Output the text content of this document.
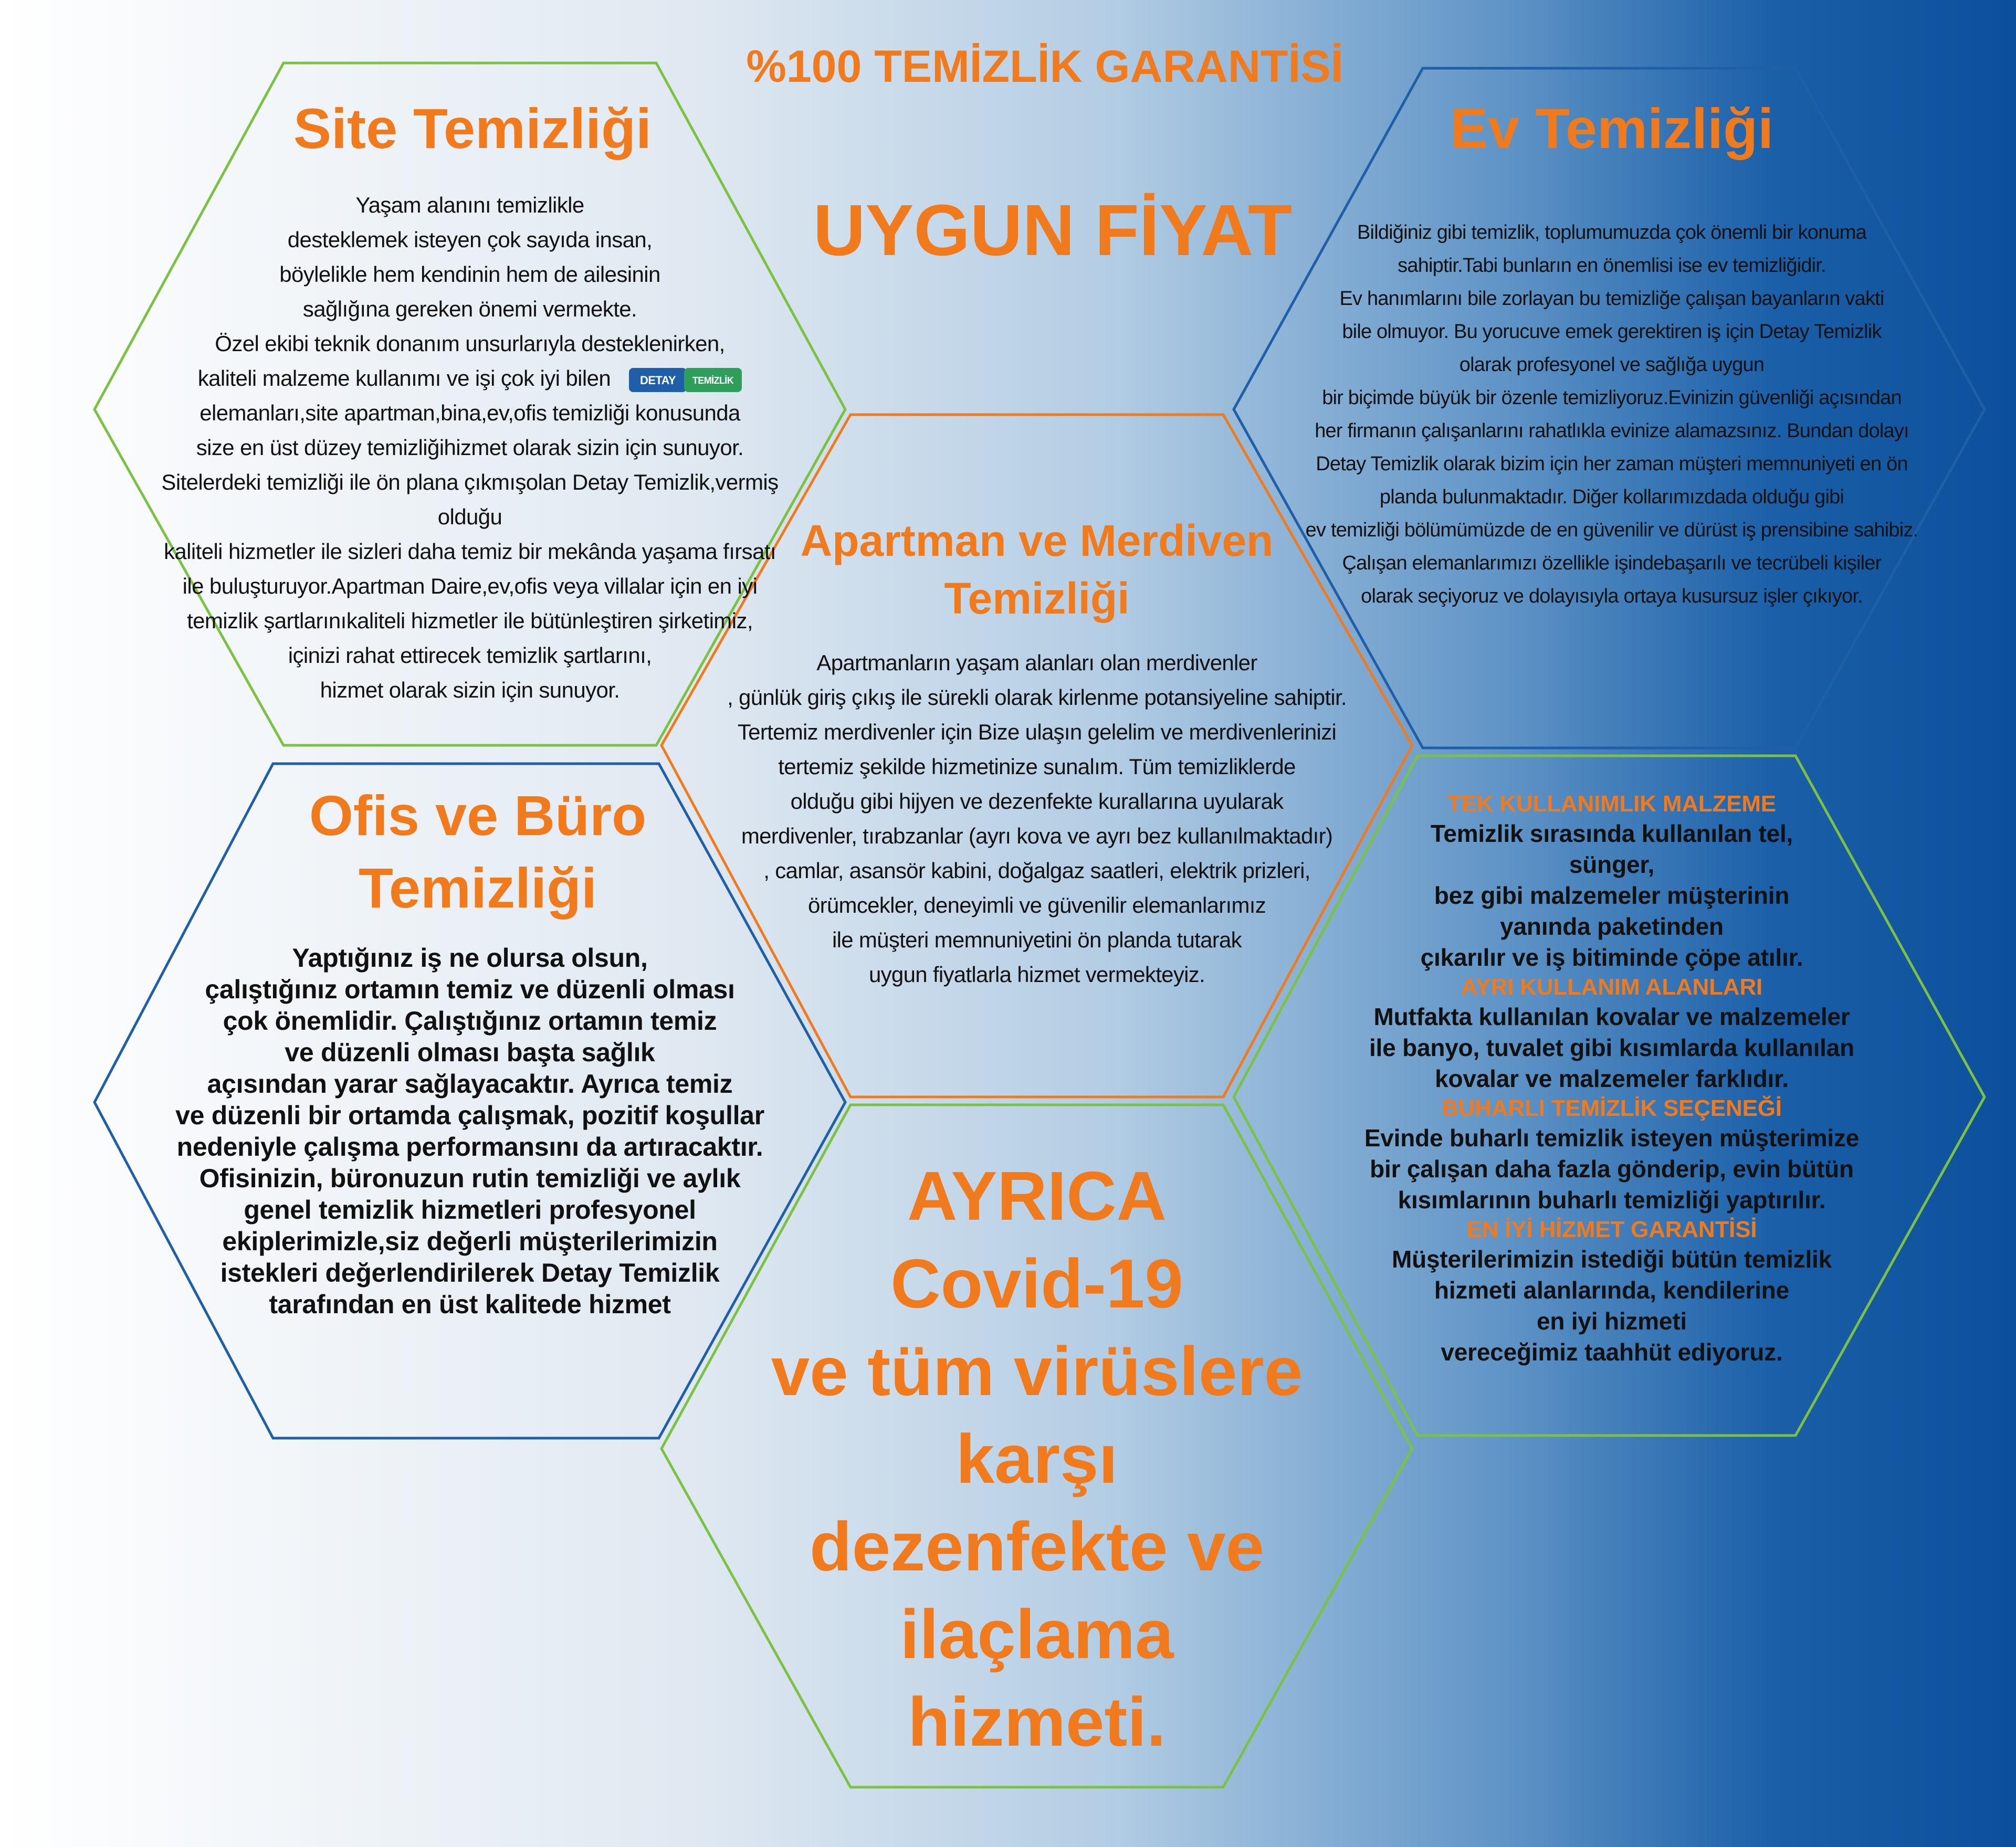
%100 TEMİZLİK GARANTİSİ
UYGUN FİYAT
Site Temizliği
Yaşam alanını temizlikle
desteklemek isteyen çok sayıda insan,
böylelikle hem kendinin hem de ailesinin
sağlığına gereken önemi vermekte.
Özel ekibi teknik donanım unsurlarıyla desteklenirken,
kaliteli malzeme kullanımı ve işi çok iyi bilen	DETAY TEMİZLİK
elemanları,site apartman,bina,ev,ofis temizliği konusunda
size en üst düzey temizliğihizmet olarak sizin için sunuyor.
Sitelerdeki temizliği ile ön plana çıkmışolan Detay Temizlik,vermiş olduğu
kaliteli hizmetler ile sizleri daha temiz bir mekânda yaşama fırsatı
ile buluşturuyor.Apartman Daire,ev,ofis veya villalar için en iyi
temizlik şartlarınıkaliteli hizmetler ile bütünleştiren şirketimiz,
içinizi rahat ettirecek temizlik şartlarını,
hizmet olarak sizin için sunuyor.
Ev Temizliği
Bildiğiniz gibi temizlik, toplumumuzda çok önemli bir konuma
sahiptir.Tabi bunların en önemlisi ise ev temizliğidir.
Ev hanımlarını bile zorlayan bu temizliğe çalışan bayanların vakti
bile olmuyor. Bu yorucuve emek gerektiren iş için Detay Temizlik
olarak profesyonel ve sağlığa uygun
bir biçimde büyük bir özenle temizliyoruz.Evinizin güvenliği açısından
her firmanın çalışanlarını rahatlıkla evinize alamazsınız. Bundan dolayı
Detay Temizlik olarak bizim için her zaman müşteri memnuniyeti en ön
planda bulunmaktadır. Diğer kollarımızdada olduğu gibi
ev temizliği bölümümüzde de en güvenilir ve dürüst iş prensibine sahibiz.
Çalışan elemanlarımızı özellikle işindebaşarılı ve tecrübeli kişiler
olarak seçiyoruz ve dolayısıyla ortaya kusursuz işler çıkıyor.
Apartman ve Merdiven
Temizliği
Apartmanların yaşam alanları olan merdivenler
, günlük giriş çıkış ile sürekli olarak kirlenme potansiyeline sahiptir.
Tertemiz merdivenler için Bize ulaşın gelelim ve merdivenlerinizi
tertemiz şekilde hizmetinize sunalım. Tüm temizliklerde
olduğu gibi hijyen ve dezenfekte kurallarına uyularak
merdivenler, tırabzanlar (ayrı kova ve ayrı bez kullanılmaktadır)
, camlar, asansör kabini, doğalgaz saatleri, elektrik prizleri,
örümcekler, deneyimli ve güvenilir elemanlarımız
ile müşteri memnuniyetini ön planda tutarak
uygun fiyatlarla hizmet vermekteyiz.
Ofis ve Büro
Temizliği
Yaptığınız iş ne olursa olsun,
çalıştığınız ortamın temiz ve düzenli olması
çok önemlidir. Çalıştığınız ortamın temiz
ve düzenli olması başta sağlık
açısından yarar sağlayacaktır. Ayrıca temiz
ve düzenli bir ortamda çalışmak, pozitif koşullar
nedeniyle çalışma performansını da artıracaktır.
Ofisinizin, büronuzun rutin temizliği ve aylık
genel temizlik hizmetleri profesyonel
ekiplerimizle,siz değerli müşterilerimizin
istekleri değerlendirilerek Detay Temizlik
tarafından en üst kalitede hizmet
TEK KULLANIMLIK MALZEME
Temizlik sırasında kullanılan tel,
sünger,
bez gibi malzemeler müşterinin
yanında paketinden
çıkarılır ve iş bitiminde çöpe atılır.
AYRI KULLANIM ALANLARI
Mutfakta kullanılan kovalar ve malzemeler
ile banyo, tuvalet gibi kısımlarda kullanılan
kovalar ve malzemeler farklıdır.
BUHARLI TEMİZLİK SEÇENEĞİ
Evinde buharlı temizlik isteyen müşterimize
bir çalışan daha fazla gönderip, evin bütün
kısımlarının buharlı temizliği yaptırılır.
EN İYİ HİZMET GARANTİSİ
Müşterilerimizin istediği bütün temizlik
hizmeti alanlarında, kendilerine
en iyi hizmeti
vereceğimiz taahhüt ediyoruz.
AYRICA
Covid-19
ve tüm virüslere
karşı
dezenfekte ve
ilaçlama
hizmeti.
